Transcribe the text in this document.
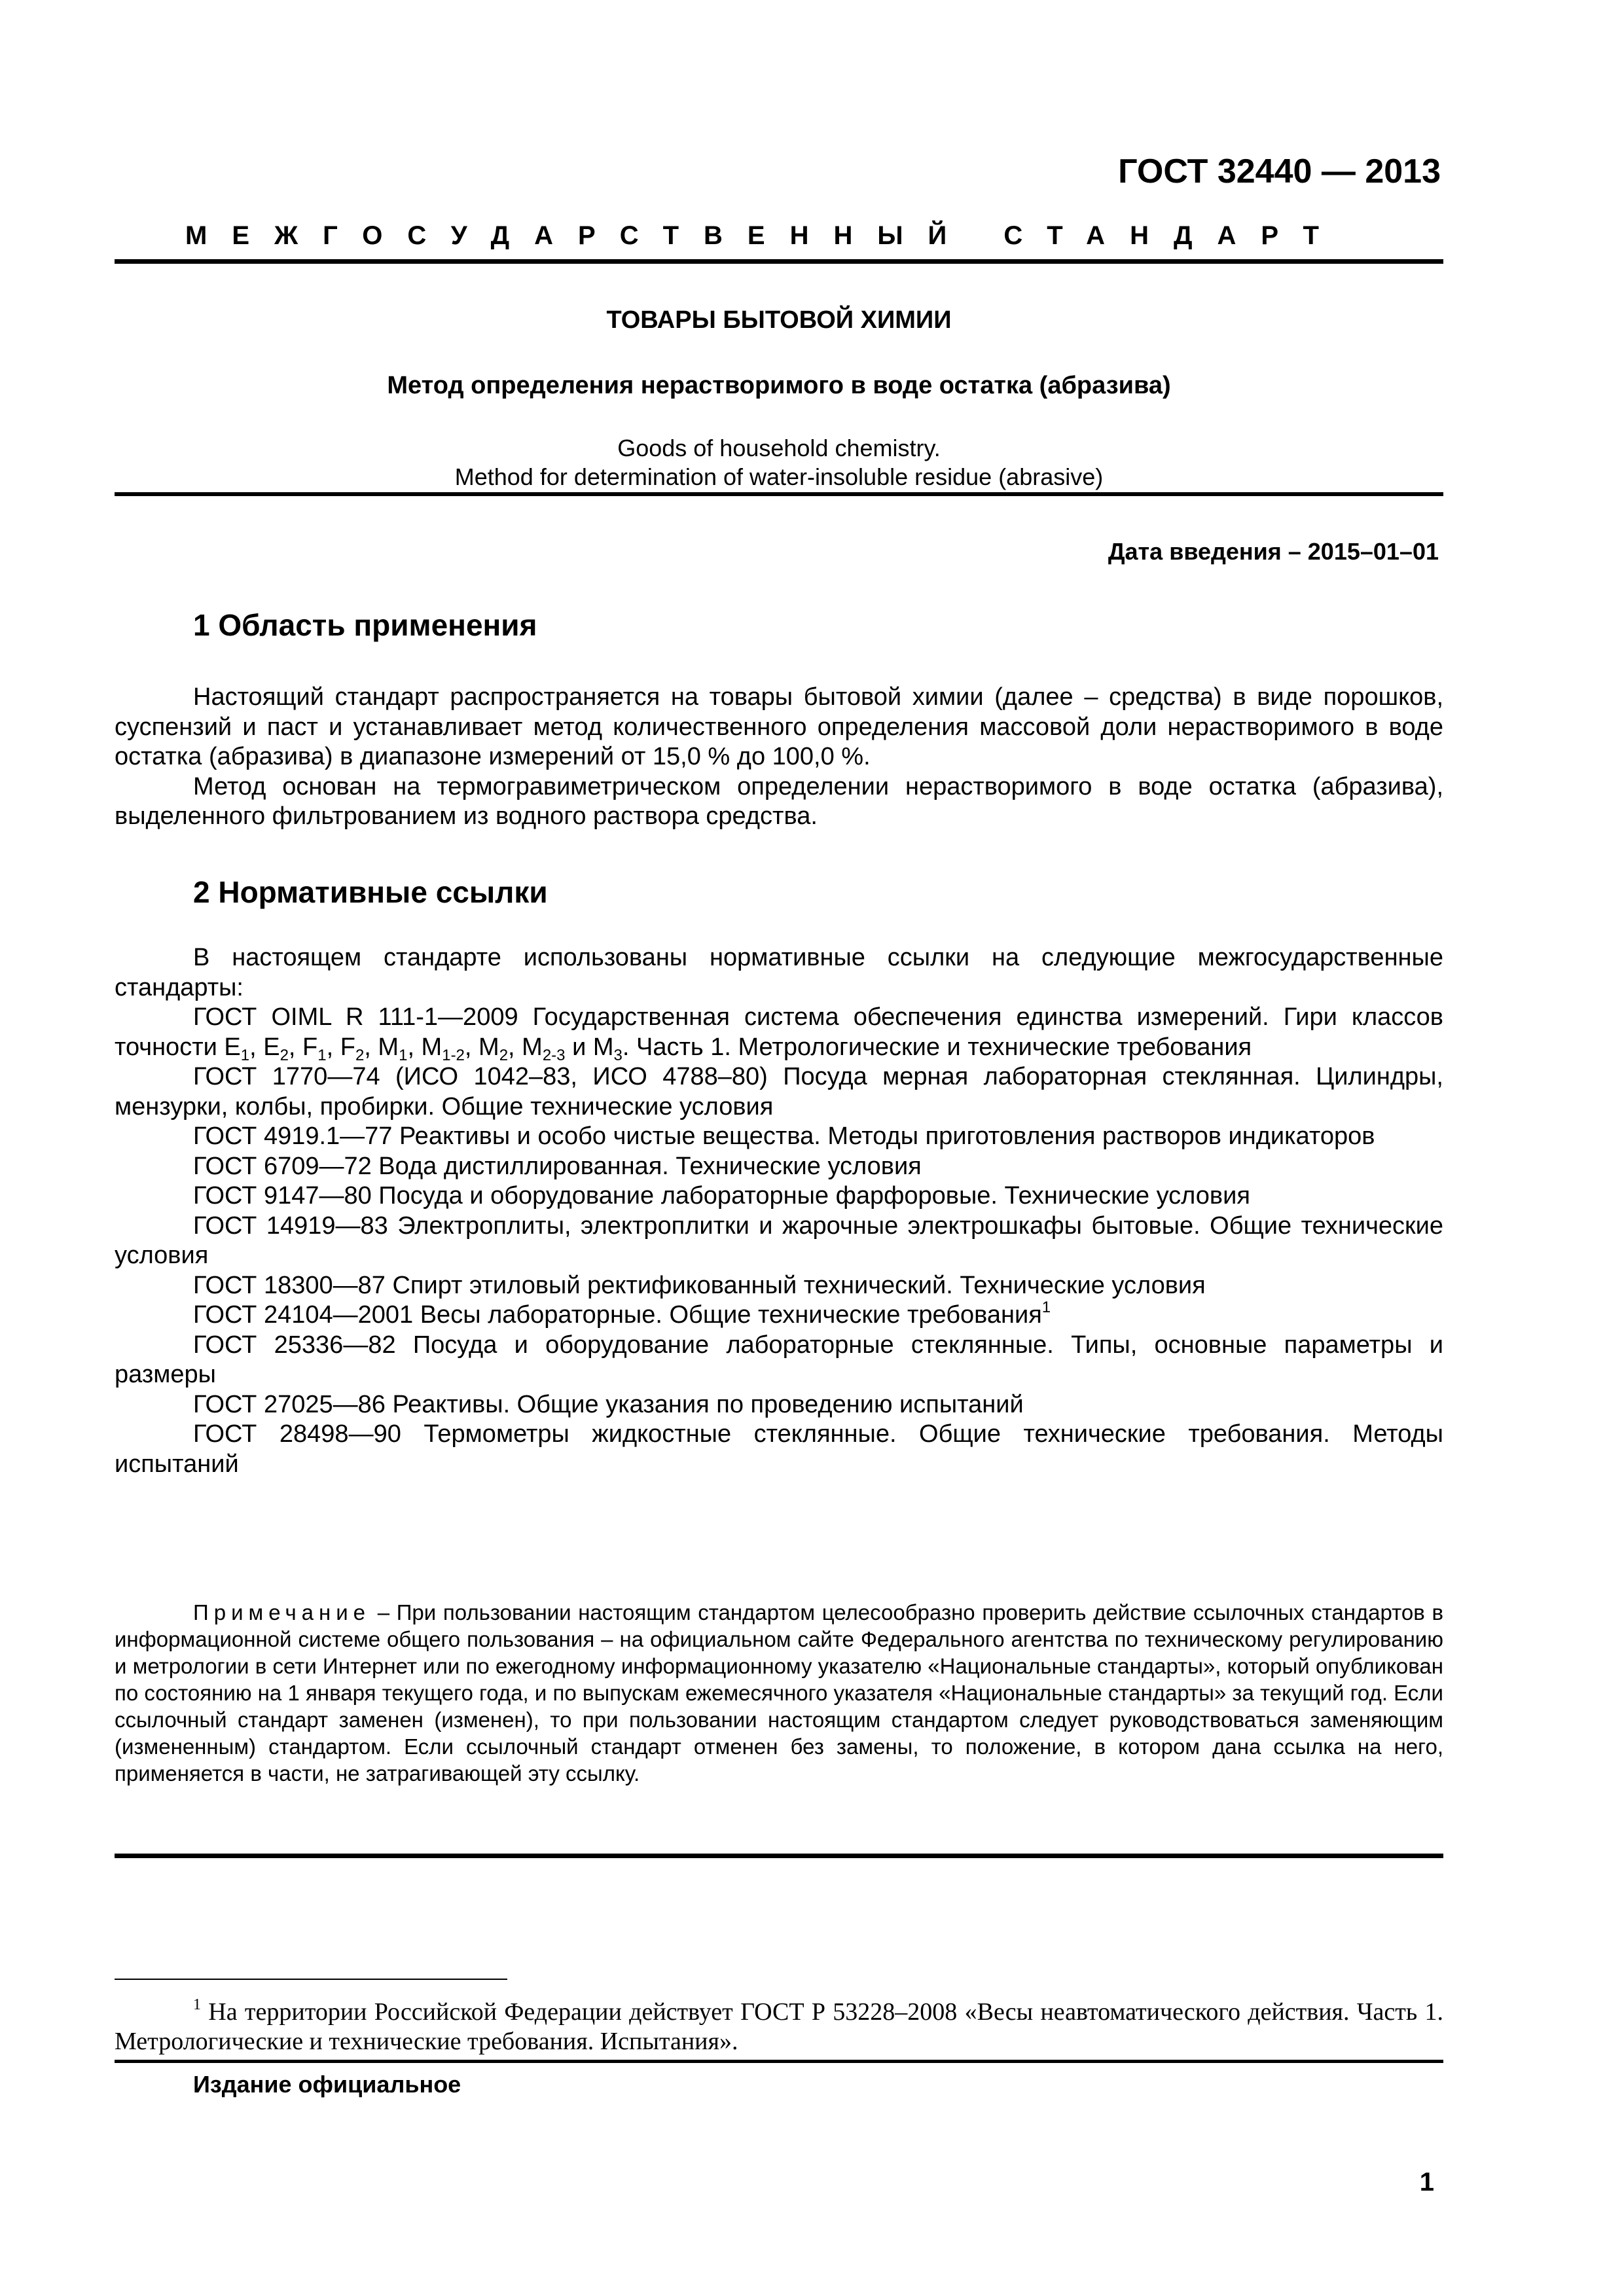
ГОСТ 32440 — 2013
МЕЖГОСУДАРСТВЕННЫЙ СТАНДАРТ
ТОВАРЫ БЫТОВОЙ ХИМИИ
Метод определения нерастворимого в воде остатка (абразива)
Goods of household chemistry.
Method for determination of water-insoluble residue (abrasive)
Дата введения – 2015–01–01
1 Область применения

Настоящий стандарт распространяется на товары бытовой химии (далее – средства) в виде порошков, суспензий и паст и устанавливает метод количественного определения массовой доли нерастворимого в воде остатка (абразива) в диапазоне измерений от 15,0 % до 100,0 %.

Метод основан на термогравиметрическом определении нерастворимого в воде остатка (абразива), выделенного фильтрованием из водного раствора средства.

2 Нормативные ссылки

В настоящем стандарте использованы нормативные ссылки на следующие межгосударственные стандарты:

ГОСТ OIML R 111-1—2009 Государственная система обеспечения единства измерений. Гири классов точности $E_1$, $E_2$, $F_1$, $F_2$, $M_1$, $M_{1-2}$, $M_2$, $M_{2-3}$ и $M_3$. Часть 1. Метрологические и технические требования

ГОСТ 1770—74 (ИСО 1042–83, ИСО 4788–80) Посуда мерная лабораторная стеклянная. Цилиндры, мензурки, колбы, пробирки. Общие технические условия

ГОСТ 4919.1—77 Реактивы и особо чистые вещества. Методы приготовления растворов индикаторов

ГОСТ 6709—72 Вода дистиллированная. Технические условия

ГОСТ 9147—80 Посуда и оборудование лабораторные фарфоровые. Технические условия

ГОСТ 14919—83 Электроплиты, электроплитки и жарочные электрошкафы бытовые. Общие технические условия

ГОСТ 18300—87 Спирт этиловый ректификованный технический. Технические условия

ГОСТ 24104—2001 Весы лабораторные. Общие технические требования$^1$

ГОСТ 25336—82 Посуда и оборудование лабораторные стеклянные. Типы, основные параметры и размеры

ГОСТ 27025—86 Реактивы. Общие указания по проведению испытаний

ГОСТ 28498—90 Термометры жидкостные стеклянные. Общие технические требования. Методы испытаний

Примечание – При пользовании настоящим стандартом целесообразно проверить действие ссылочных стандартов в информационной системе общего пользования – на официальном сайте Федерального агентства по техническому регулированию и метрологии в сети Интернет или по ежегодному информационному указателю «Национальные стандарты», который опубликован по состоянию на 1 января текущего года, и по выпускам ежемесячного указателя «Национальные стандарты» за текущий год. Если ссылочный стандарт заменен (изменен), то при пользовании настоящим стандартом следует руководствоваться заменяющим (измененным) стандартом. Если ссылочный стандарт отменен без замены, то положение, в котором дана ссылка на него, применяется в части, не затрагивающей эту ссылку.
$^1$ На территории Российской Федерации действует ГОСТ Р 53228–2008 «Весы неавтоматического действия. Часть 1. Метрологические и технические требования. Испытания».
Издание официальное
1
